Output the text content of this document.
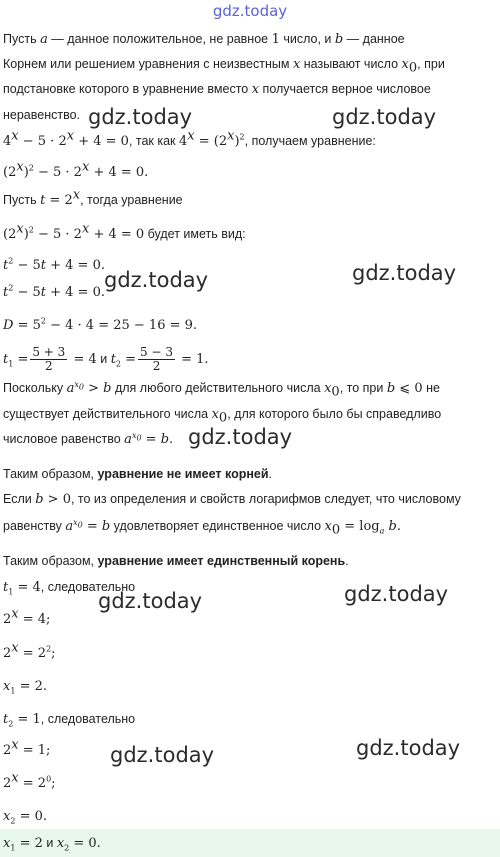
gdz.today
Пусть a — данное положительное, не равное 1 число, и b — данное
Корнем или решением уравнения с неизвестным x называют число $x_0$, при
подстановке которого в уравнение вместо x получается верное числовое
неравенство.
$4^x - 5 \cdot 2^x + 4 = 0$, так как $4^x = (2^x)^2$, получаем уравнение:
$(2^x)^2 - 5 \cdot 2^x + 4 = 0$.
Пусть $t = 2^x$, тогда уравнение
$(2^x)^2 - 5 \cdot 2^x + 4 = 0$ будет иметь вид:
$t^2 - 5t + 4 = 0$.
$t^2 - 5t + 4 = 0$.
$D = 5^2 - 4 \cdot 4 = 25 - 16 = 9$.
$t_1 = \frac{5 + 3}{2} = 4$ и $t_2 = \frac{5 - 3}{2} = 1$.
Поскольку $a^{x_0} > b$ для любого действительного числа $x_0$, то при b ⩽ 0 не
существует действительного числа $x_0$, для которого было бы справедливо
числовое равенство $a^{x_0} = b$.
Таким образом, уравнение не имеет корней.
Если b > 0, то из определения и свойств логарифмов следует, что числовому
равенству $a^{x_0} = b$ удовлетворяет единственное число $x_0 = \log_a b$.
Таким образом, уравнение имеет единственный корень.
$t_1 = 4$, следовательно
$2^x = 4$;
$2^x = 2^2$;
$x_1 = 2$.
$t_2 = 1$, следовательно
$2^x = 1$;
$2^x = 2^0$;
$x_2 = 0$.
$x_1 = 2$ и $x_2 = 0$.
gdz.today	gdz.today
gdz.today	gdz.today
gdz.today
gdz.today	gdz.today
gdz.today	gdz.today
